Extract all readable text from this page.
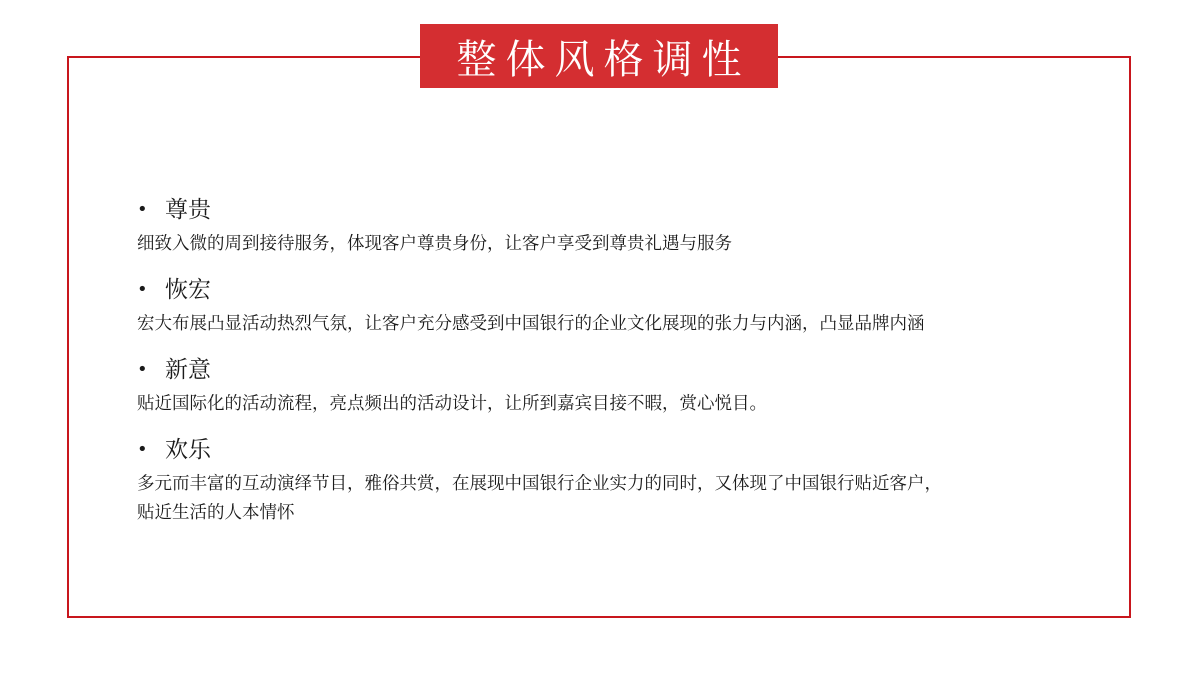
整体风格调性
• 尊贵
细致入微的周到接待服务，体现客户尊贵身份，让客户享受到尊贵礼遇与服务
• 恢宏
宏大布展凸显活动热烈气氛，让客户充分感受到中国银行的企业文化展现的张力与内涵，凸显品牌内涵
• 新意
贴近国际化的活动流程，亮点频出的活动设计，让所到嘉宾目接不暇，赏心悦目。
• 欢乐
多元而丰富的互动演绎节目，雅俗共赏，在展现中国银行企业实力的同时，又体现了中国银行贴近客户，
贴近生活的人本情怀
